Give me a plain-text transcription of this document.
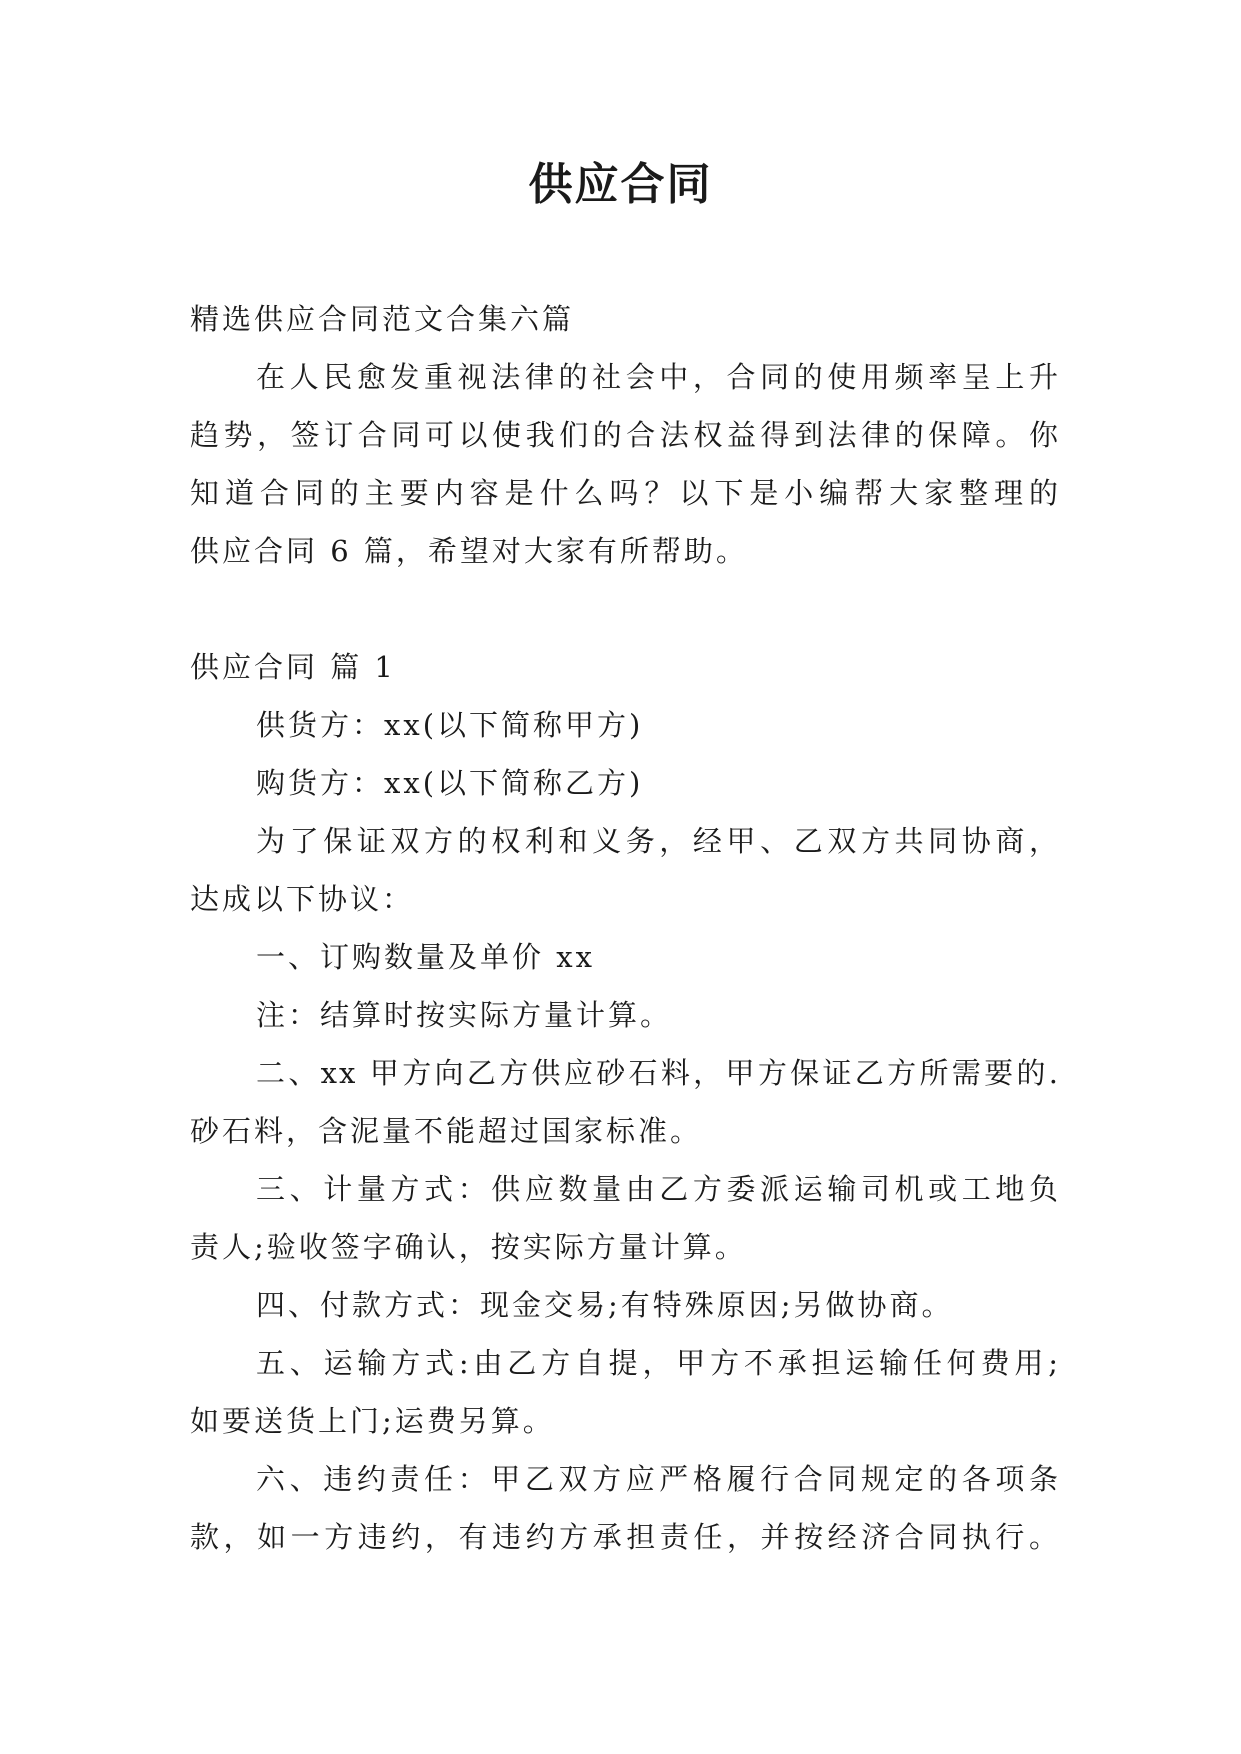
供应合同

精选供应合同范文合集六篇

在人民愈发重视法律的社会中，合同的使用频率呈上升

趋势，签订合同可以使我们的合法权益得到法律的保障。你

知道合同的主要内容是什么吗？以下是小编帮大家整理的

供应合同 6 篇，希望对大家有所帮助。

供应合同 篇 1

供货方：xx(以下简称甲方)

购货方：xx(以下简称乙方)

为了保证双方的权利和义务，经甲、乙双方共同协商，

达成以下协议：

一、订购数量及单价 xx

注：结算时按实际方量计算。

二、xx 甲方向乙方供应砂石料，甲方保证乙方所需要的.

砂石料，含泥量不能超过国家标准。

三、计量方式：供应数量由乙方委派运输司机或工地负

责人;验收签字确认，按实际方量计算。

四、付款方式：现金交易;有特殊原因;另做协商。

五、运输方式:由乙方自提，甲方不承担运输任何费用;

如要送货上门;运费另算。

六、违约责任：甲乙双方应严格履行合同规定的各项条

款，如一方违约，有违约方承担责任，并按经济合同执行。
